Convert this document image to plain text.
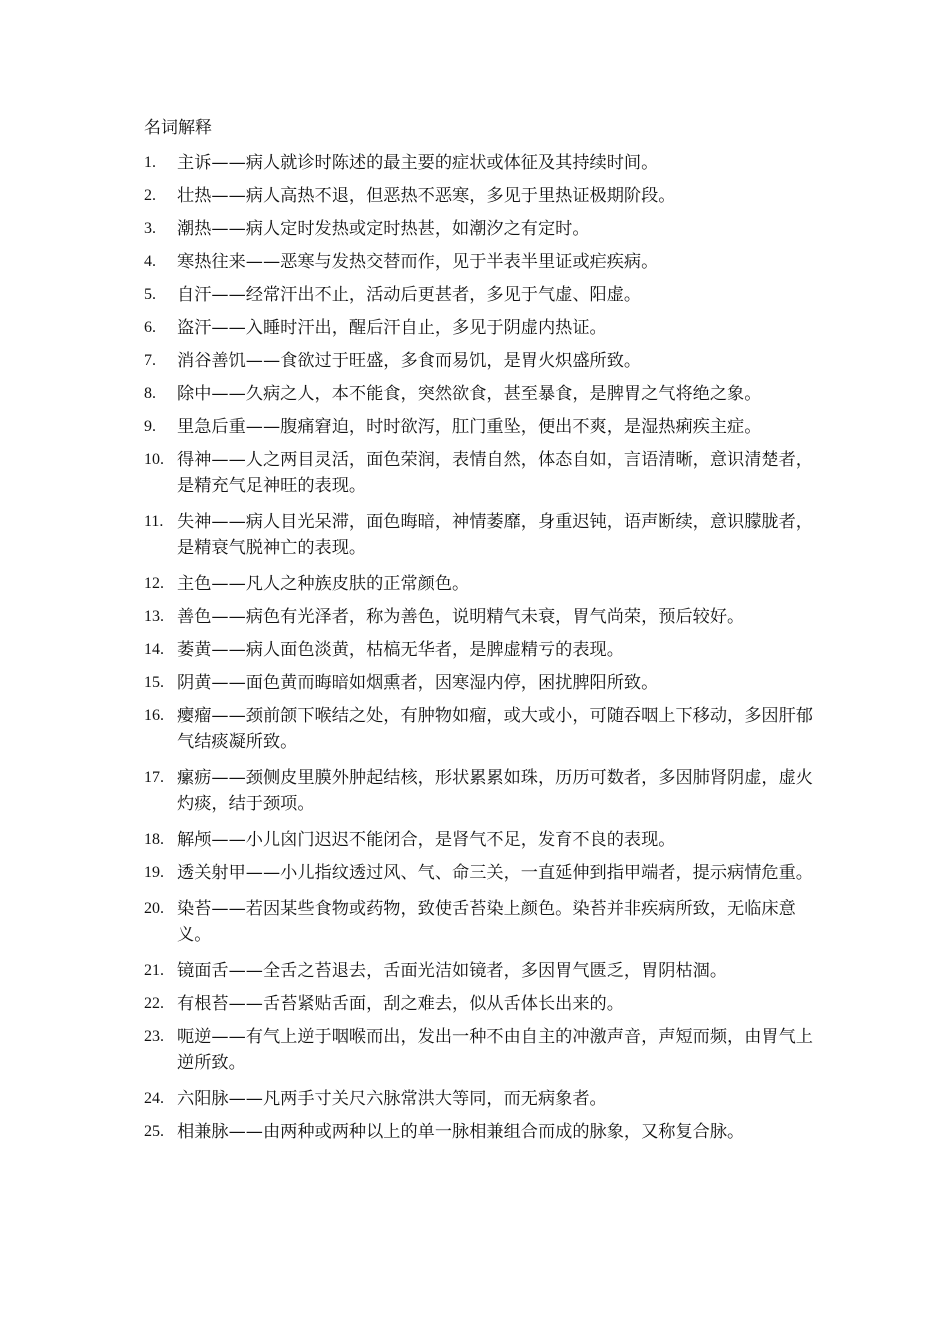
名词解释
1. 主诉——病人就诊时陈述的最主要的症状或体征及其持续时间。
2. 壮热——病人高热不退，但恶热不恶寒，多见于里热证极期阶段。
3. 潮热——病人定时发热或定时热甚，如潮汐之有定时。
4. 寒热往来——恶寒与发热交替而作，见于半表半里证或疟疾病。
5. 自汗——经常汗出不止，活动后更甚者，多见于气虚、阳虚。
6. 盗汗——入睡时汗出，醒后汗自止，多见于阴虚内热证。
7. 消谷善饥——食欲过于旺盛，多食而易饥，是胃火炽盛所致。
8. 除中——久病之人，本不能食，突然欲食，甚至暴食，是脾胃之气将绝之象。
9. 里急后重——腹痛窘迫，时时欲泻，肛门重坠，便出不爽，是湿热痢疾主症。
10. 得神——人之两目灵活，面色荣润，表情自然，体态自如，言语清晰，意识清楚者，是精充气足神旺的表现。
11. 失神——病人目光呆滞，面色晦暗，神情萎靡，身重迟钝，语声断续，意识朦胧者，是精衰气脱神亡的表现。
12. 主色——凡人之种族皮肤的正常颜色。
13. 善色——病色有光泽者，称为善色，说明精气未衰，胃气尚荣，预后较好。
14. 萎黄——病人面色淡黄，枯槁无华者，是脾虚精亏的表现。
15. 阴黄——面色黄而晦暗如烟熏者，因寒湿内停，困扰脾阳所致。
16. 瘿瘤——颈前颌下喉结之处，有肿物如瘤，或大或小，可随吞咽上下移动，多因肝郁气结痰凝所致。
17. 瘰疬——颈侧皮里膜外肿起结核，形状累累如珠，历历可数者，多因肺肾阴虚，虚火灼痰，结于颈项。
18. 解颅——小儿囟门迟迟不能闭合，是肾气不足，发育不良的表现。
19. 透关射甲——小儿指纹透过风、气、命三关，一直延伸到指甲端者，提示病情危重。
20. 染苔——若因某些食物或药物，致使舌苔染上颜色。染苔并非疾病所致，无临床意义。
21. 镜面舌——全舌之苔退去，舌面光洁如镜者，多因胃气匮乏，胃阴枯涸。
22. 有根苔——舌苔紧贴舌面，刮之难去，似从舌体长出来的。
23. 呃逆——有气上逆于咽喉而出，发出一种不由自主的冲激声音，声短而频，由胃气上逆所致。
24. 六阳脉——凡两手寸关尺六脉常洪大等同，而无病象者。
25. 相兼脉——由两种或两种以上的单一脉相兼组合而成的脉象，又称复合脉。
